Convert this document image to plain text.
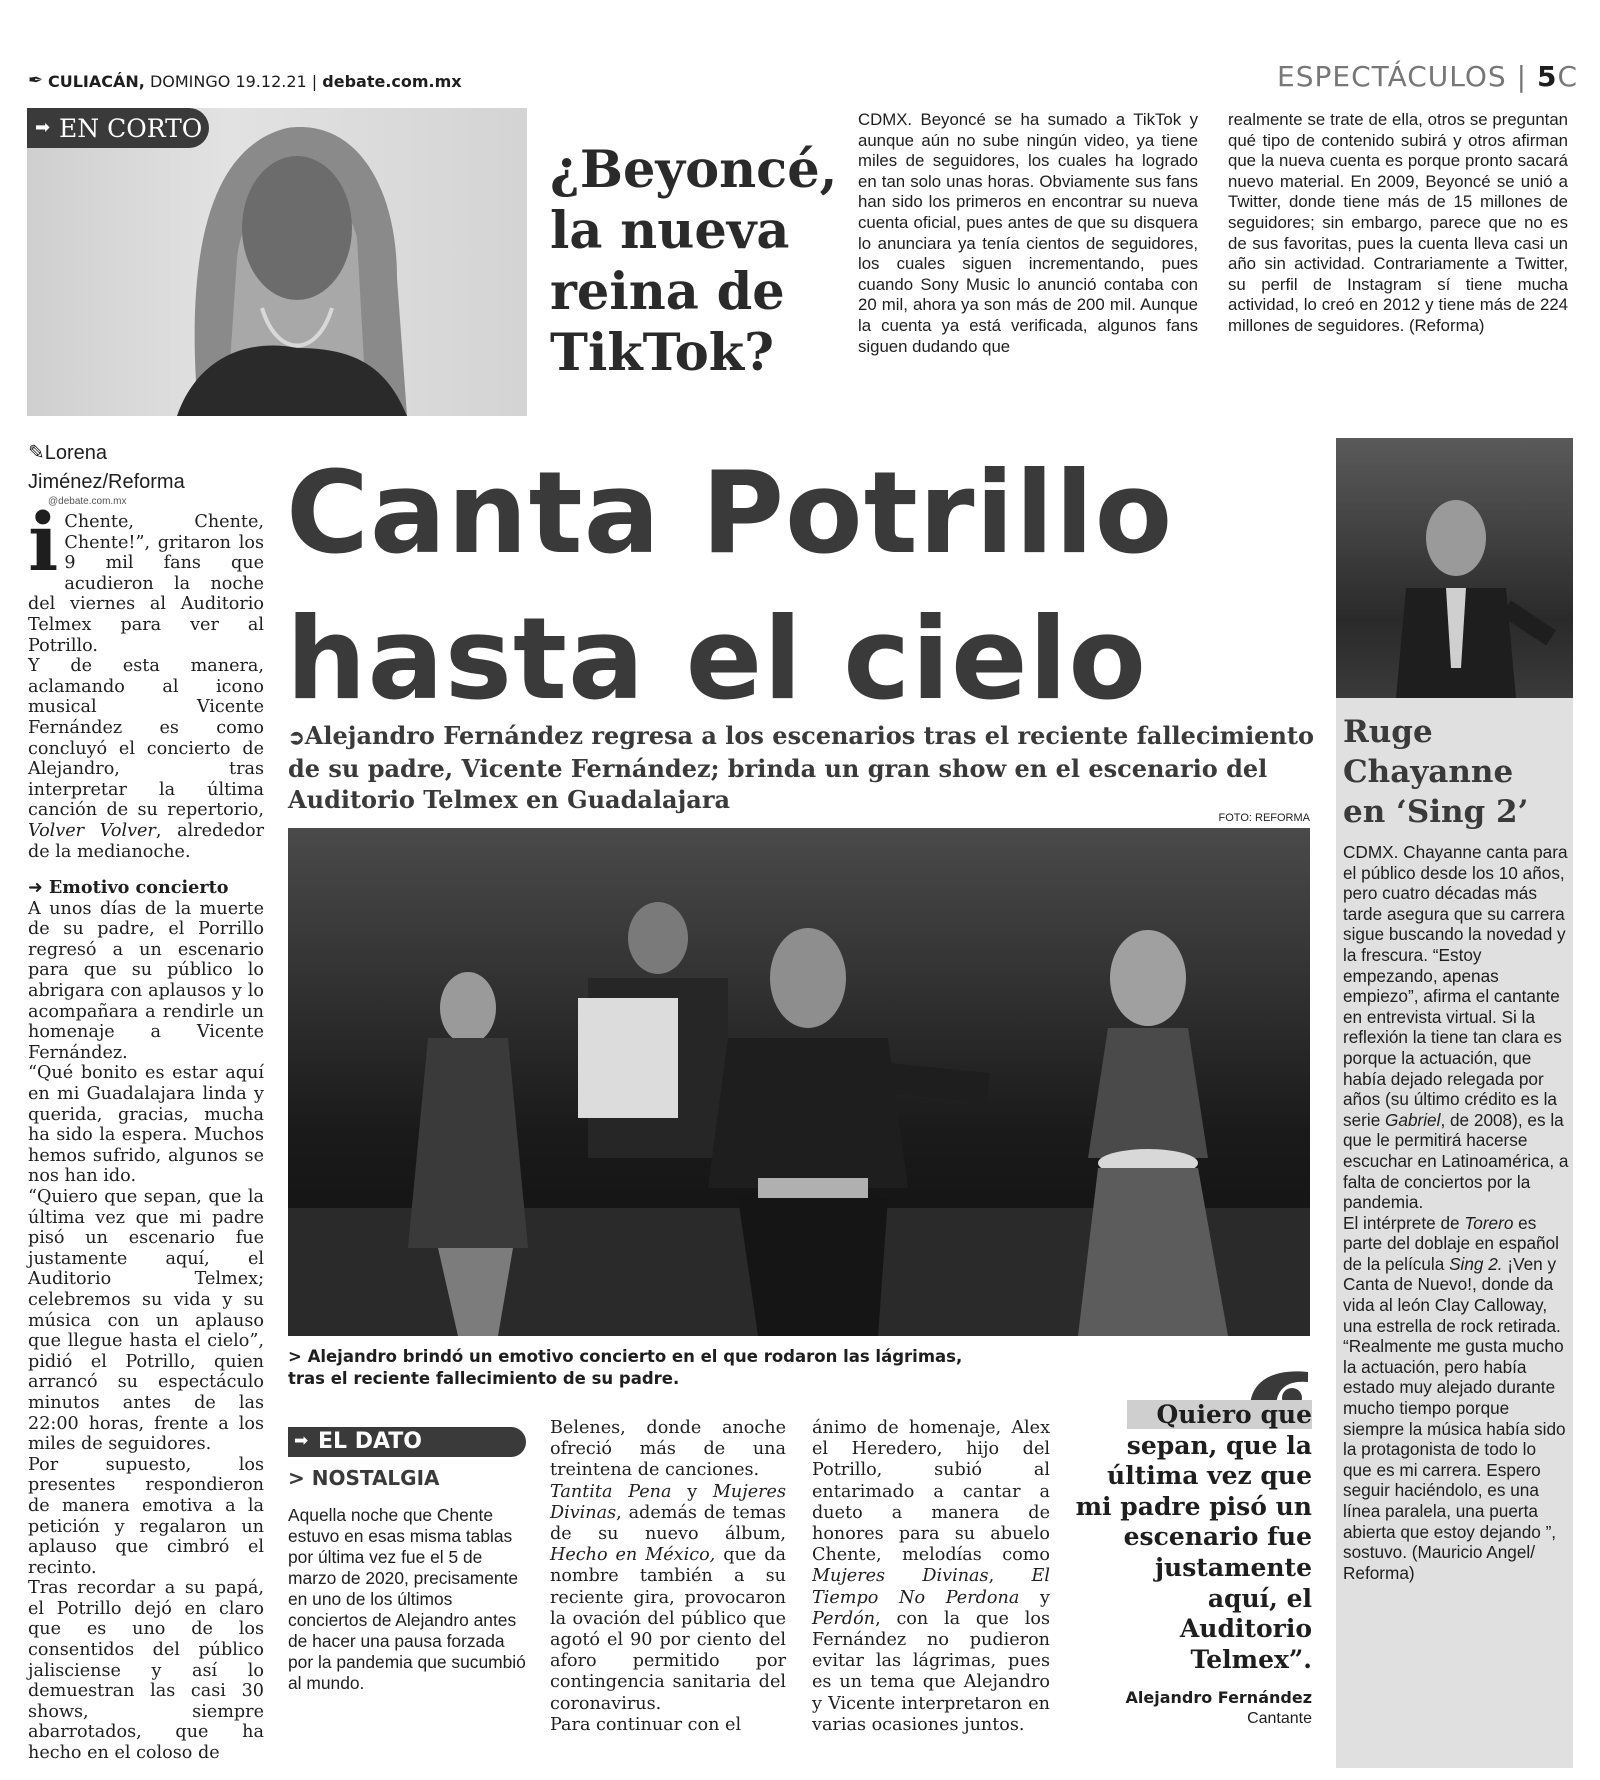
✒ CULIACÁN, DOMINGO 19.12.21 | debate.com.mx	ESPECTÁCULOS | 5C
➡ EN CORTO
¿Beyoncé,
la nueva
reina de
TikTok?
CDMX. Beyoncé se ha sumado a TikTok y aunque aún no sube ningún video, ya tiene miles de seguidores, los cuales ha logrado en tan solo unas horas. Obviamente sus fans han sido los primeros en encontrar su nueva cuenta oficial, pues antes de que su disquera lo anunciara ya tenía cientos de seguidores, los cuales siguen incrementando, pues cuando Sony Music lo anunció contaba con 20 mil, ahora ya son más de 200 mil. Aunque la cuenta ya está verificada, algunos fans siguen dudando que
realmente se trate de ella, otros se preguntan qué tipo de contenido subirá y otros afirman que la nueva cuenta es porque pronto sacará nuevo material. En 2009, Beyoncé se unió a Twitter, donde tiene más de 15 millones de seguidores; sin embargo, parece que no es de sus favoritas, pues la cuenta lleva casi un año sin actividad. Contrariamente a Twitter, su perfil de Instagram sí tiene mucha actividad, lo creó en 2012 y tiene más de 224 millones de seguidores. (Reforma)
✎Lorena
Jiménez/Reforma
@debate.com.mx	Canta Potrillo
hasta el cielo
➲Alejandro Fernández regresa a los escenarios tras el reciente fallecimiento de su padre, Vicente Fernández; brinda un gran show en el escenario del Auditorio Telmex en Guadalajara
FOTO: REFORMA
> Alejandro brindó un emotivo concierto en el que rodaron las lágrimas,
tras el reciente fallecimiento de su padre.
i Chente, Chente, Chente!”, gritaron los 9 mil fans que acudieron la noche del viernes al Auditorio Telmex para ver al Potrillo.

Y de esta manera, aclamando al icono musical Vicente Fernández es como concluyó el concierto de Alejandro, tras interpretar la última canción de su repertorio, Volver Volver, alrededor de la medianoche.

➜ Emotivo concierto

A unos días de la muerte de su padre, el Porrillo regresó a un escenario para que su público lo abrigara con aplausos y lo acompañara a rendirle un homenaje a Vicente Fernández.

“Qué bonito es estar aquí en mi Guadalajara linda y querida, gracias, mucha ha sido la espera. Muchos hemos sufrido, algunos se nos han ido.

“Quiero que sepan, que la última vez que mi padre pisó un escenario fue justamente aquí, el Auditorio Telmex; celebremos su vida y su música con un aplauso que llegue hasta el cielo”, pidió el Potrillo, quien arrancó su espectáculo minutos antes de las 22:00 horas, frente a los miles de seguidores.

Por supuesto, los presentes respondieron de manera emotiva a la petición y regalaron un aplauso que cimbró el recinto.

Tras recordar a su papá, el Potrillo dejó en claro que es uno de los consentidos del público jalisciense y así lo demuestran las casi 30 shows, siempre abarrotados, que ha hecho en el coloso de

➡ EL DATO
> NOSTALGIA
Aquella noche que Chente estuvo en esas misma tablas por última vez fue el 5 de marzo de 2020, precisamente en uno de los últimos conciertos de Alejandro antes de hacer una pausa forzada por la pandemia que sucumbió al mundo.

Belenes, donde anoche ofreció más de una treintena de canciones.

Tantita Pena y Mujeres Divinas, además de temas de su nuevo álbum, Hecho en México, que da nombre también a su reciente gira, provocaron la ovación del público que agotó el 90 por ciento del aforo permitido por contingencia sanitaria del coronavirus.

Para continuar con el

ánimo de homenaje, Alex el Heredero, hijo del Potrillo, subió al entarimado a cantar a dueto a manera de honores para su abuelo Chente, melodías como Mujeres Divinas, El Tiempo No Perdona y Perdón, con la que los Fernández no pudieron evitar las lágrimas, pues es un tema que Alejandro y Vicente interpretaron en varias ocasiones juntos.

Quiero que
sepan, que la
última vez que
mi padre pisó un
escenario fue
justamente
aquí, el
Auditorio
Telmex”.
Alejandro Fernández
Cantante
Ruge
Chayanne
en ‘Sing 2’

CDMX. Chayanne canta para el público desde los 10 años, pero cuatro décadas más tarde asegura que su carrera sigue buscando la novedad y la frescura. “Estoy empezando, apenas empiezo”, afirma el cantante en entrevista virtual. Si la reflexión la tiene tan clara es porque la actuación, que había dejado relegada por años (su último crédito es la serie Gabriel, de 2008), es la que le permitirá hacerse escuchar en Latinoamérica, a falta de conciertos por la pandemia.

El intérprete de Torero es parte del doblaje en español de la película Sing 2. ¡Ven y Canta de Nuevo!, donde da vida al león Clay Calloway, una estrella de rock retirada. “Realmente me gusta mucho la actuación, pero había estado muy alejado durante mucho tiempo porque siempre la música había sido la protagonista de todo lo que es mi carrera. Espero seguir haciéndolo, es una línea paralela, una puerta abierta que estoy dejando ”, sostuvo. (Mauricio Angel/ Reforma)
